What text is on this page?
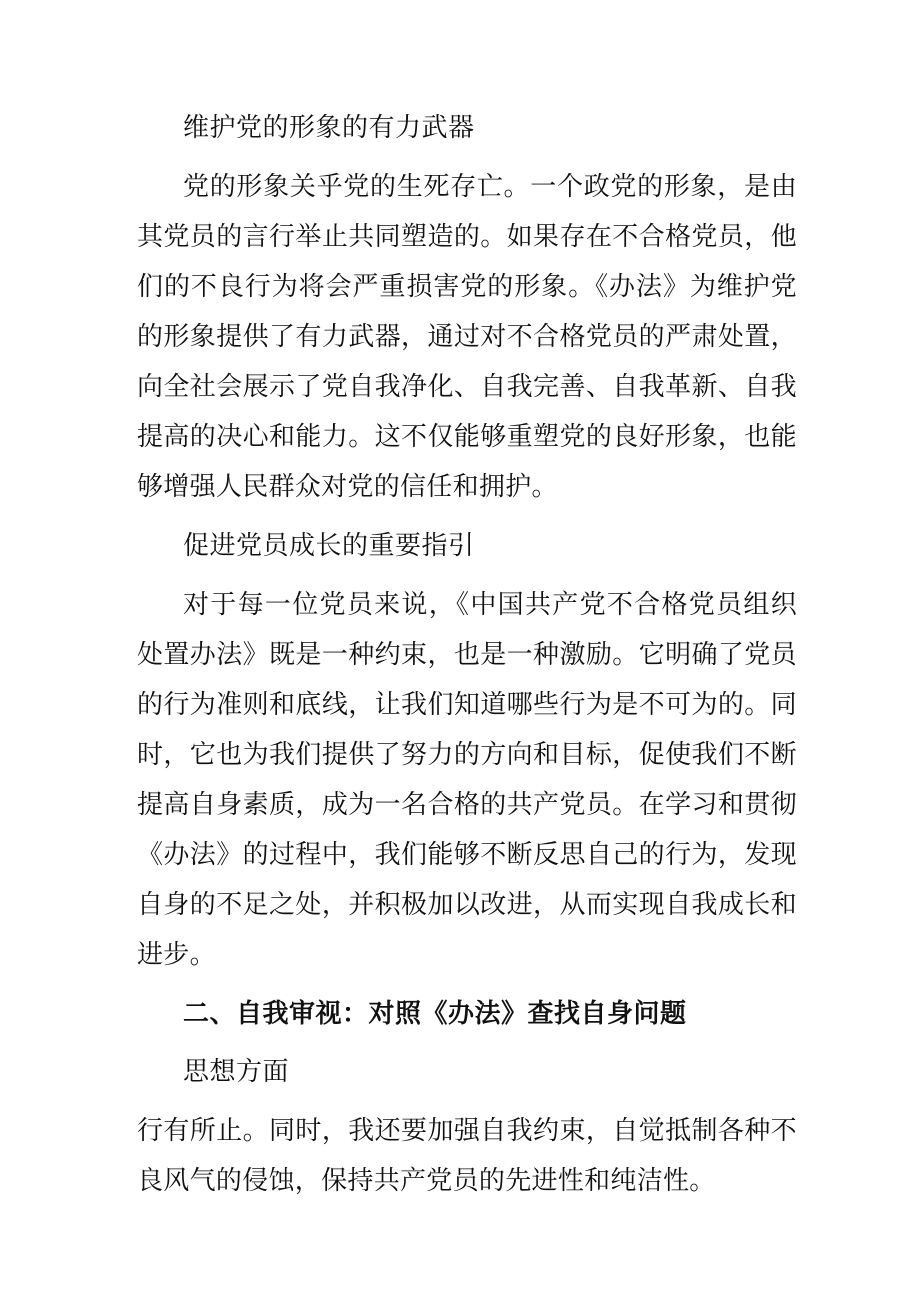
维护党的形象的有力武器

党的形象关乎党的生死存亡。一个政党的形象，是由其党员的言行举止共同塑造的。如果存在不合格党员，他们的不良行为将会严重损害党的形象。《办法》为维护党的形象提供了有力武器，通过对不合格党员的严肃处置，向全社会展示了党自我净化、自我完善、自我革新、自我提高的决心和能力。这不仅能够重塑党的良好形象，也能够增强人民群众对党的信任和拥护。

促进党员成长的重要指引

对于每一位党员来说，《中国共产党不合格党员组织处置办法》既是一种约束，也是一种激励。它明确了党员的行为准则和底线，让我们知道哪些行为是不可为的。同时，它也为我们提供了努力的方向和目标，促使我们不断提高自身素质，成为一名合格的共产党员。在学习和贯彻《办法》的过程中，我们能够不断反思自己的行为，发现自身的不足之处，并积极加以改进，从而实现自我成长和进步。

二、自我审视：对照《办法》查找自身问题
思想方面

行有所止。同时，我还要加强自我约束，自觉抵制各种不良风气的侵蚀，保持共产党员的先进性和纯洁性。
